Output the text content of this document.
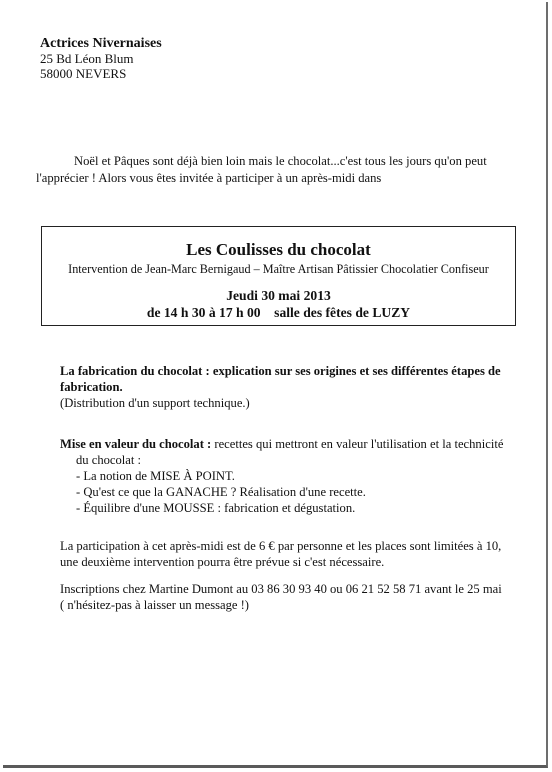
Actrices Nivernaises
25 Bd Léon Blum
58000 NEVERS
Noël et Pâques sont déjà bien loin mais le chocolat...c'est tous les jours qu'on peut
l'apprécier ! Alors vous êtes invitée à participer à un après-midi dans
Les Coulisses du chocolat
Intervention de Jean-Marc Bernigaud – Maître Artisan Pâtissier Chocolatier Confiseur
Jeudi 30 mai 2013
de 14 h 30 à 17 h 00    salle des fêtes de LUZY
La fabrication du chocolat : explication sur ses origines et ses différentes étapes de
fabrication.
(Distribution d'un support technique.)
Mise en valeur du chocolat : recettes qui mettront en valeur l'utilisation et la technicité
du chocolat :
- La notion de MISE À POINT.
- Qu'est ce que la GANACHE ? Réalisation d'une recette.
- Équilibre d'une MOUSSE : fabrication et dégustation.
La participation à cet après-midi est de 6 € par personne et les places sont limitées à 10,
une deuxième intervention pourra être prévue si c'est nécessaire.
Inscriptions chez Martine Dumont au 03 86 30 93 40 ou 06 21 52 58 71 avant le 25 mai
( n'hésitez-pas à laisser un message !)
